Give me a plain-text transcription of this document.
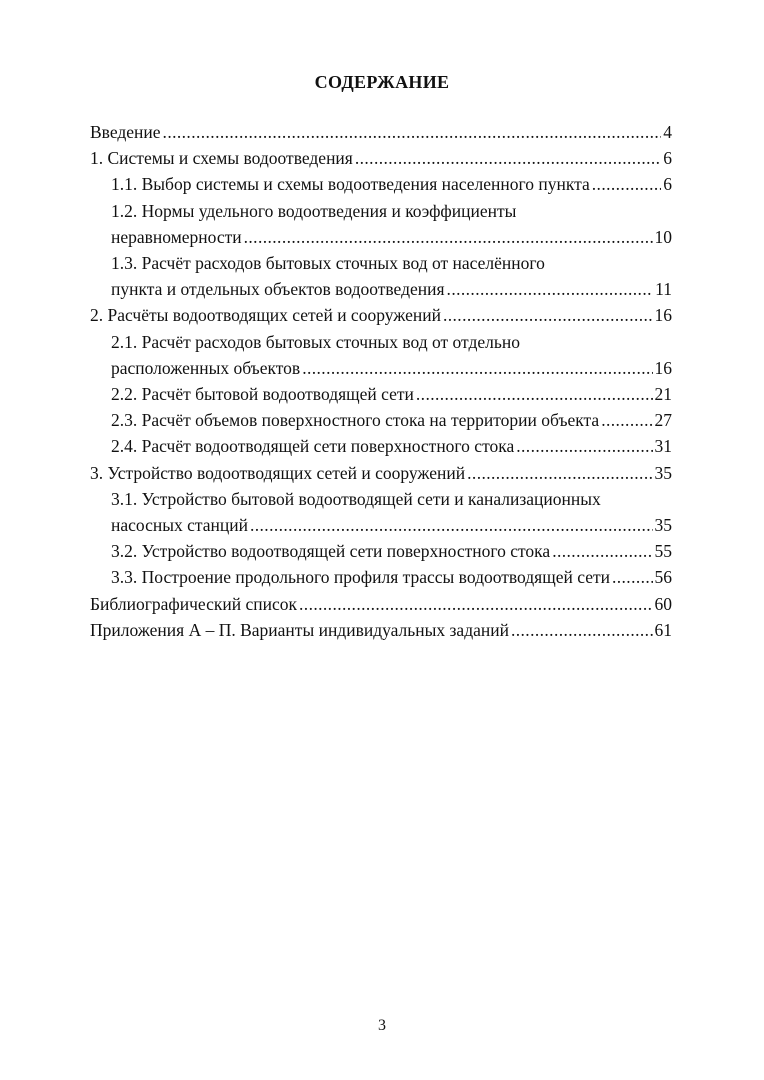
СОДЕРЖАНИЕ
Введение .....	4
1. Системы и схемы водоотведения .....	6
1.1. Выбор системы и схемы водоотведения населенного пункта .....	6
1.2. Нормы удельного водоотведения и коэффициенты
неравномерности .....	10
1.3. Расчёт расходов бытовых сточных вод от населённого
пункта и отдельных объектов водоотведения .....	11
2. Расчёты водоотводящих сетей и сооружений .....	16
2.1. Расчёт расходов бытовых сточных вод от отдельно
расположенных объектов .....	16
2.2. Расчёт бытовой водоотводящей сети .....	21
2.3. Расчёт объемов поверхностного стока на территории объекта .....	27
2.4. Расчёт водоотводящей сети поверхностного стока .....	31
3. Устройство водоотводящих сетей и сооружений .....	35
3.1. Устройство бытовой водоотводящей сети и канализационных
насосных станций .....	35
3.2. Устройство водоотводящей сети поверхностного стока .....	55
3.3. Построение продольного профиля трассы водоотводящей сети .....	56
Библиографический список .....	60
Приложения А – П. Варианты индивидуальных заданий .....	61
3
